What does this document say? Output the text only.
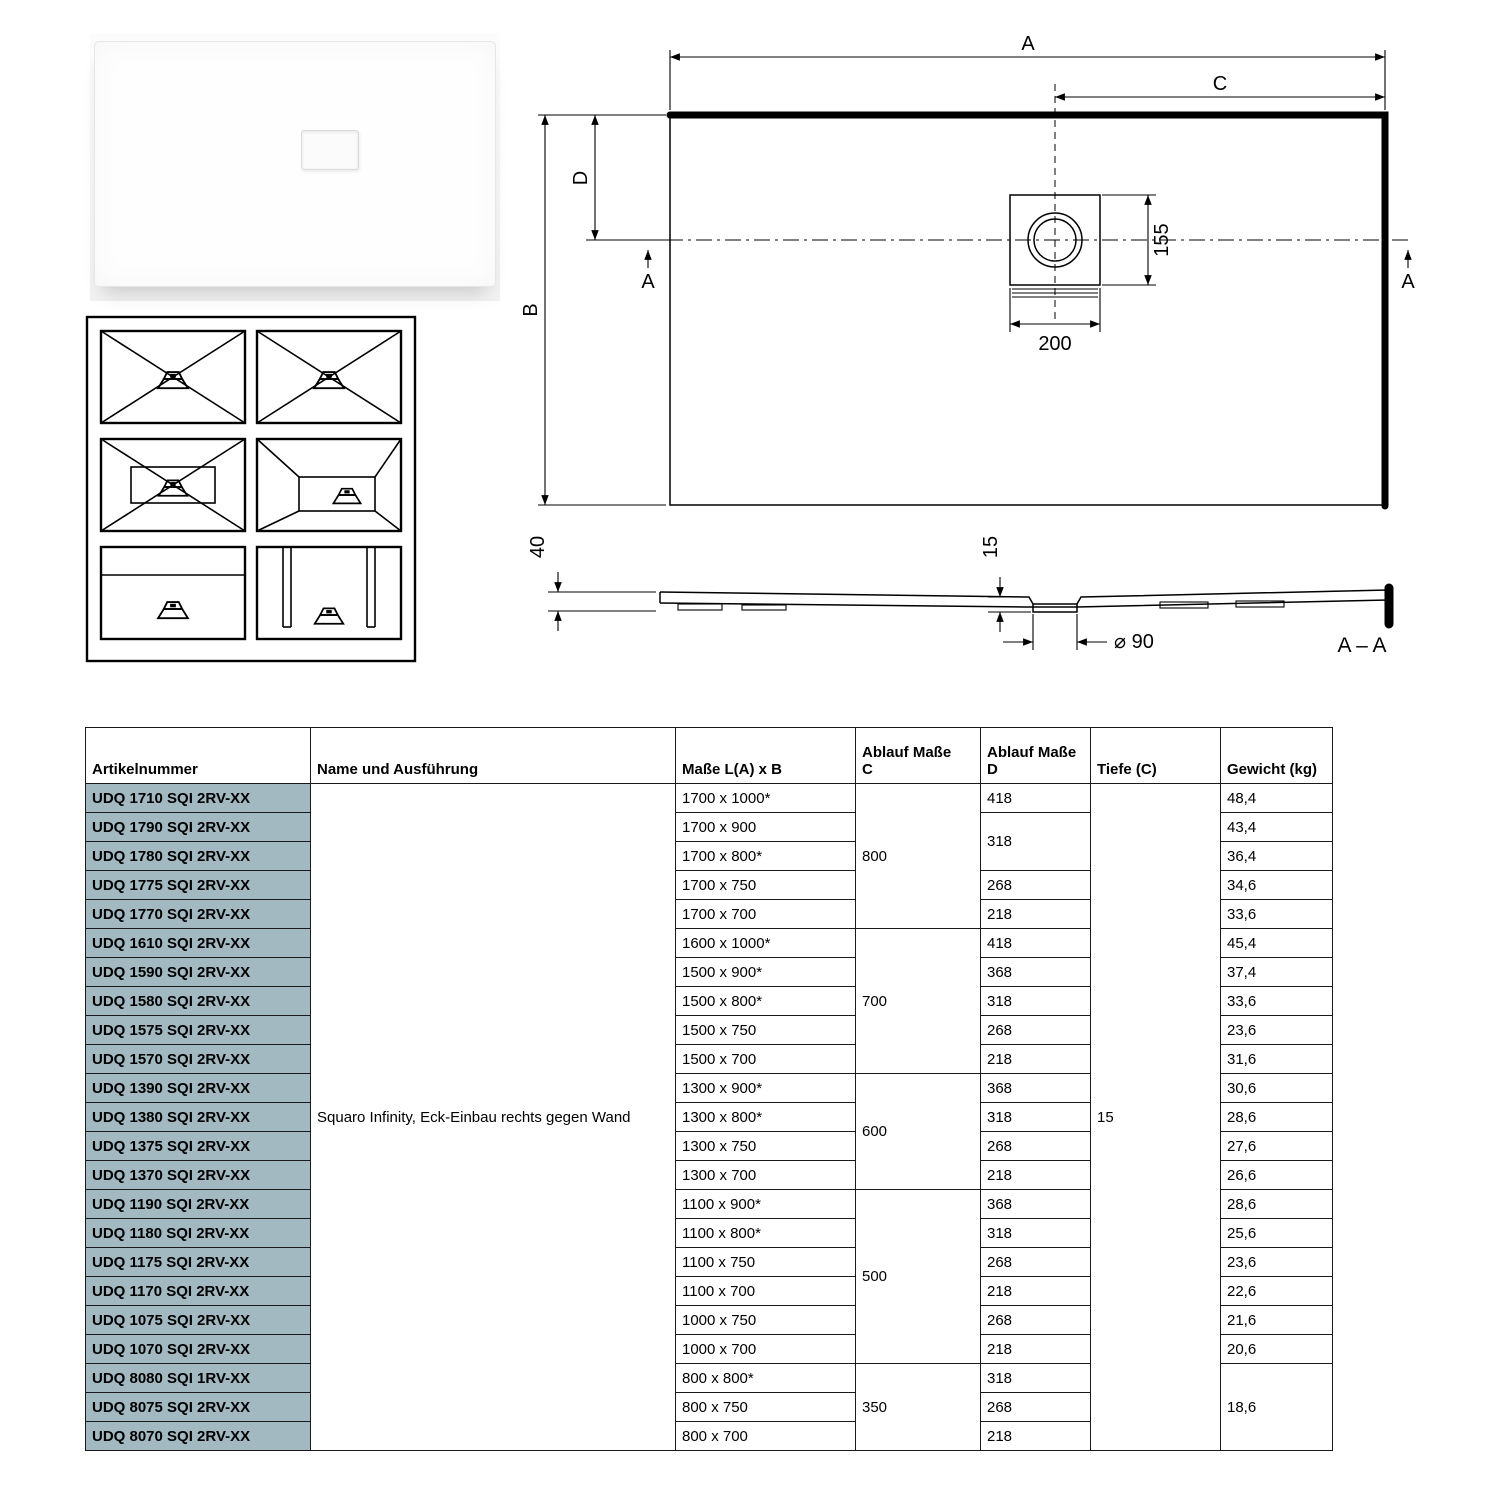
A
C
B
D
A	A
155
200
40	15
⌀ 90	A – A
Artikelnummer	Name und Ausführung	Maße L(A) x B	Ablauf Maße
C	Ablauf Maße
D	Tiefe (C)	Gewicht (kg)
UDQ 1710 SQI 2RV-XX	Squaro Infinity, Eck-Einbau rechts gegen Wand	1700 x 1000*	800	418	15	48,4
UDQ 1790 SQI 2RV-XX		1700 x 900		318		43,4
UDQ 1780 SQI 2RV-XX		1700 x 800*				36,4
UDQ 1775 SQI 2RV-XX		1700 x 750		268		34,6
UDQ 1770 SQI 2RV-XX		1700 x 700		218		33,6
UDQ 1610 SQI 2RV-XX		1600 x 1000*	700	418		45,4
UDQ 1590 SQI 2RV-XX		1500 x 900*		368		37,4
UDQ 1580 SQI 2RV-XX		1500 x 800*		318		33,6
UDQ 1575 SQI 2RV-XX		1500 x 750		268		23,6
UDQ 1570 SQI 2RV-XX		1500 x 700		218		31,6
UDQ 1390 SQI 2RV-XX		1300 x 900*	600	368		30,6
UDQ 1380 SQI 2RV-XX		1300 x 800*		318		28,6
UDQ 1375 SQI 2RV-XX		1300 x 750		268		27,6
UDQ 1370 SQI 2RV-XX		1300 x 700		218		26,6
UDQ 1190 SQI 2RV-XX		1100 x 900*	500	368		28,6
UDQ 1180 SQI 2RV-XX		1100 x 800*		318		25,6
UDQ 1175 SQI 2RV-XX		1100 x 750		268		23,6
UDQ 1170 SQI 2RV-XX		1100 x 700		218		22,6
UDQ 1075 SQI 2RV-XX		1000 x 750		268		21,6
UDQ 1070 SQI 2RV-XX		1000 x 700		218		20,6
UDQ 8080 SQI 1RV-XX		800 x 800*	350	318		18,6
UDQ 8075 SQI 2RV-XX		800 x 750		268		
UDQ 8070 SQI 2RV-XX		800 x 700		218		
